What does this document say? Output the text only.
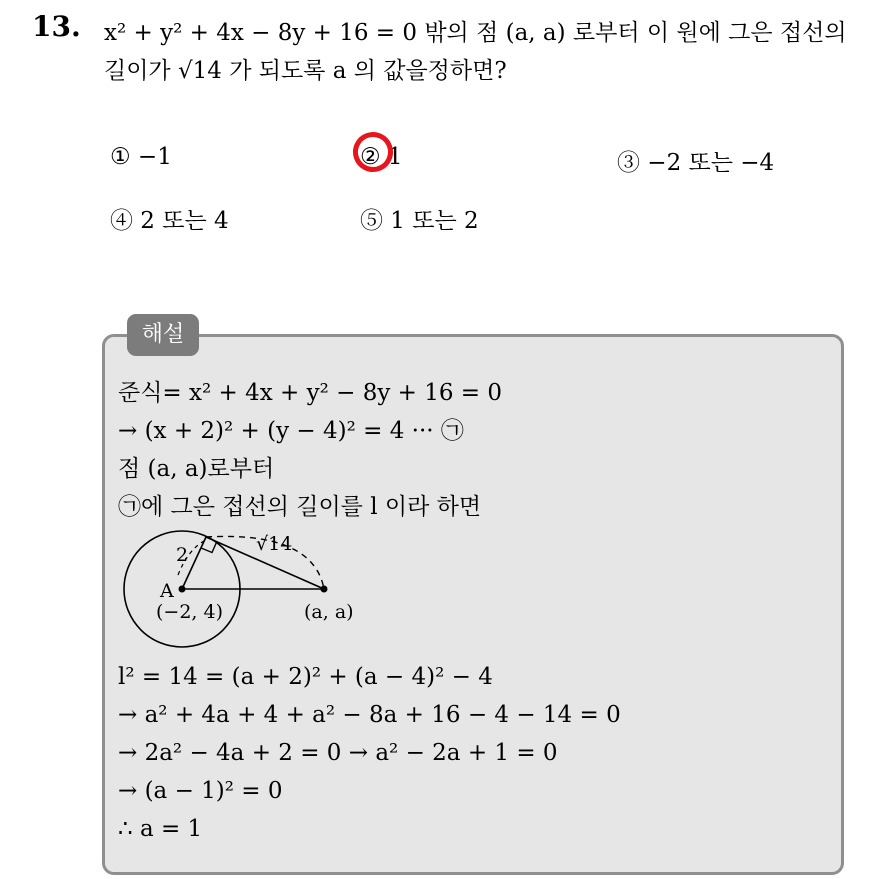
13. x² + y² + 4x − 8y + 16 = 0 밖의 점 (a, a) 로부터 이 원에 그은 접선의
길이가 √14 가 되도록 a 의 값을정하면?
① −1	② 1	③ −2 또는 −4
④ 2 또는 4	⑤ 1 또는 2
해설
준식= x² + 4x + y² − 8y + 16 = 0
→ (x + 2)² + (y − 4)² = 4 ··· ㉠
점 (a, a)로부터
㉠에 그은 접선의 길이를 l 이라 하면
2	√14
A
(−2, 4)	(a, a)
l² = 14 = (a + 2)² + (a − 4)² − 4
→ a² + 4a + 4 + a² − 8a + 16 − 4 − 14 = 0
→ 2a² − 4a + 2 = 0 → a² − 2a + 1 = 0
→ (a − 1)² = 0
∴ a = 1
